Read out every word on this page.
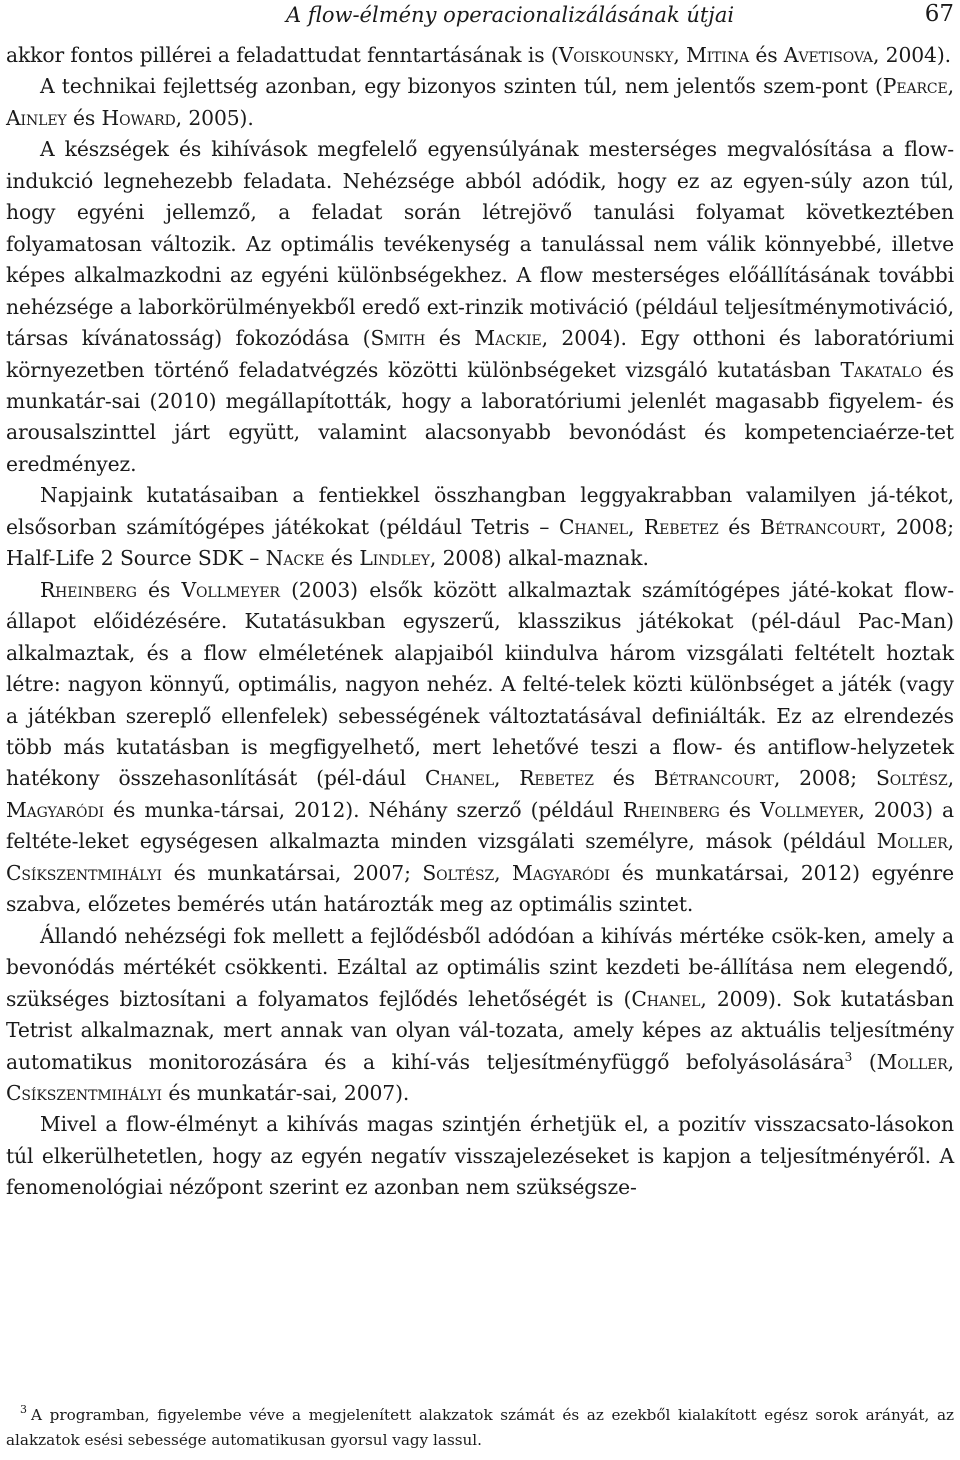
A flow-élmény operacionalizálásának útjai	67

akkor fontos pillérei a feladattudat fenntartásának is (Voiskounsky, Mitina és Avetisova, 2004).

A technikai fejlettség azonban, egy bizonyos szinten túl, nem jelentős szem-pont (Pearce, Ainley és Howard, 2005).

A készségek és kihívások megfelelő egyensúlyának mesterséges megvalósítása a flow-indukció legnehezebb feladata. Nehézsége abból adódik, hogy ez az egyen-súly azon túl, hogy egyéni jellemző, a feladat során létrejövő tanulási folyamat következtében folyamatosan változik. Az optimális tevékenység a tanulással nem válik könnyebbé, illetve képes alkalmazkodni az egyéni különbségekhez. A flow mesterséges előállításának további nehézsége a laborkörülményekből eredő ext-rinzik motiváció (például teljesítménymotiváció, társas kívánatosság) fokozódása (Smith és Mackie, 2004). Egy otthoni és laboratóriumi környezetben történő feladatvégzés közötti különbségeket vizsgáló kutatásban Takatalo és munkatár-sai (2010) megállapították, hogy a laboratóriumi jelenlét magasabb figyelem- és arousalszinttel járt együtt, valamint alacsonyabb bevonódást és kompetenciaérze-tet eredményez.

Napjaink kutatásaiban a fentiekkel összhangban leggyakrabban valamilyen já-tékot, elsősorban számítógépes játékokat (például Tetris – Chanel, Rebetez és Bétrancourt, 2008; Half-Life 2 Source SDK – Nacke és Lindley, 2008) alkal-maznak.

Rheinberg és Vollmeyer (2003) elsők között alkalmaztak számítógépes játé-kokat flow-állapot előidézésére. Kutatásukban egyszerű, klasszikus játékokat (pél-dául Pac-Man) alkalmaztak, és a flow elméletének alapjaiból kiindulva három vizsgálati feltételt hoztak létre: nagyon könnyű, optimális, nagyon nehéz. A felté-telek közti különbséget a játék (vagy a játékban szereplő ellenfelek) sebességének változtatásával definiálták. Ez az elrendezés több más kutatásban is megfigyelhető, mert lehetővé teszi a flow- és antiflow-helyzetek hatékony összehasonlítását (pél-dául Chanel, Rebetez és Bétrancourt, 2008; Soltész, Magyaródi és munka-társai, 2012). Néhány szerző (például Rheinberg és Vollmeyer, 2003) a feltéte-leket egységesen alkalmazta minden vizsgálati személyre, mások (például Moller, Csíkszentmihályi és munkatársai, 2007; Soltész, Magyaródi és munkatársai, 2012) egyénre szabva, előzetes bemérés után határozták meg az optimális szintet.

Állandó nehézségi fok mellett a fejlődésből adódóan a kihívás mértéke csök-ken, amely a bevonódás mértékét csökkenti. Ezáltal az optimális szint kezdeti be-állítása nem elegendő, szükséges biztosítani a folyamatos fejlődés lehetőségét is (Chanel, 2009). Sok kutatásban Tetrist alkalmaznak, mert annak van olyan vál-tozata, amely képes az aktuális teljesítmény automatikus monitorozására és a kihí-vás teljesítményfüggő befolyásolására$^3$ (Moller, Csíkszentmihályi és munkatár-sai, 2007).

Mivel a flow-élményt a kihívás magas szintjén érhetjük el, a pozitív visszacsato-lásokon túl elkerülhetetlen, hogy az egyén negatív visszajelezéseket is kapjon a teljesítményéről. A fenomenológiai nézőpont szerint ez azonban nem szükségsze-

$^3$ A programban, figyelembe véve a megjelenített alakzatok számát és az ezekből kialakított egész sorok arányát, az alakzatok esési sebessége automatikusan gyorsul vagy lassul.
